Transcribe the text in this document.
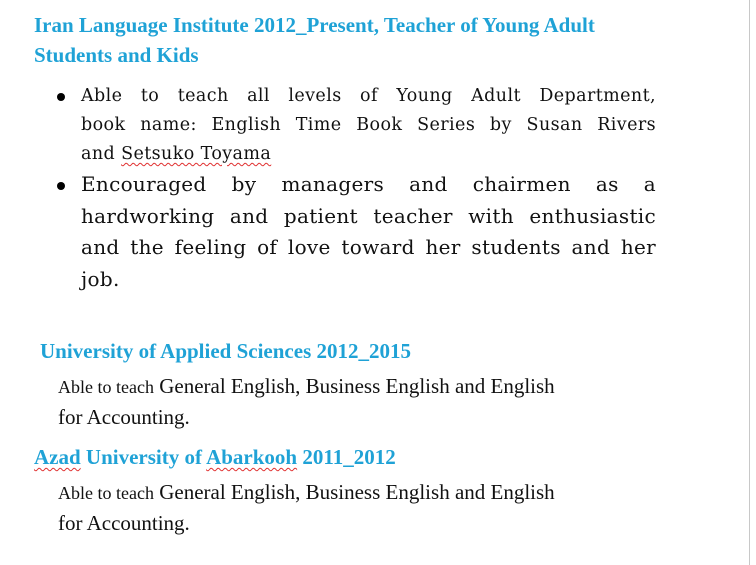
Iran Language Institute 2012_Present, Teacher of Young Adult
Students and Kids
Able to teach all levels of Young Adult Department,
book name: English Time Book Series by Susan Rivers
and Setsuko Toyama
Encouraged by managers and chairmen as a
hardworking and patient teacher with enthusiastic
and the feeling of love toward her students and her
job.
University of Applied Sciences 2012_2015
Able to teach General English, Business English and English
for Accounting.
Azad University of Abarkooh 2011_2012
Able to teach General English, Business English and English
for Accounting.
